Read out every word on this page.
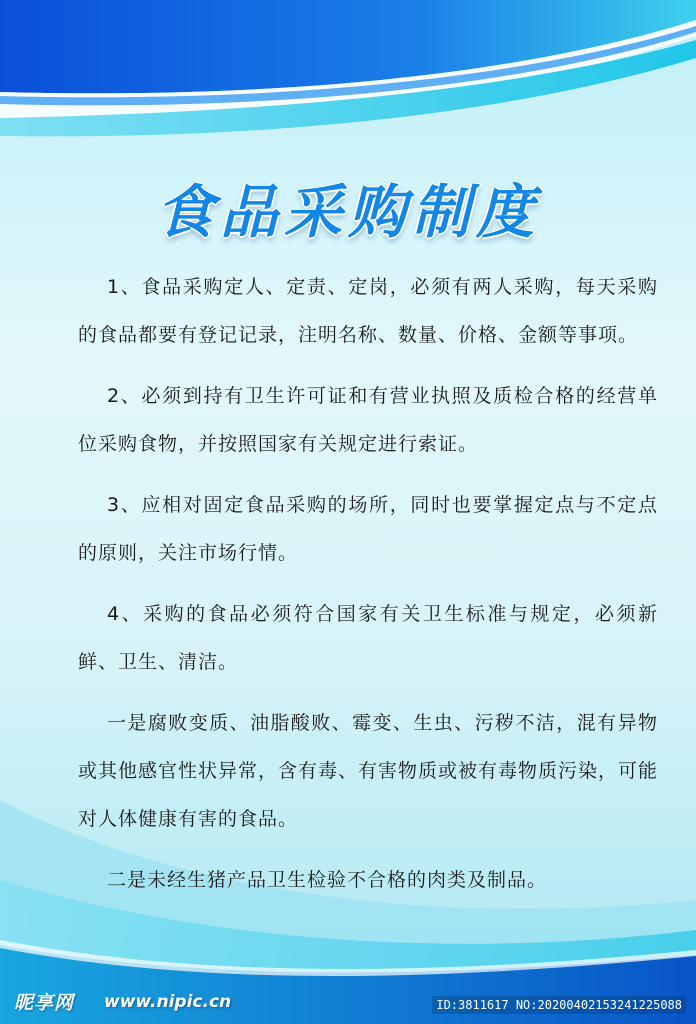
食品采购制度

1、食品采购定人、定责、定岗，必须有两人采购，每天采购的食品都要有登记记录，注明名称、数量、价格、金额等事项。

2、必须到持有卫生许可证和有营业执照及质检合格的经营单位采购食物，并按照国家有关规定进行索证。

3、应相对固定食品采购的场所，同时也要掌握定点与不定点的原则，关注市场行情。

4、采购的食品必须符合国家有关卫生标准与规定，必须新鲜、卫生、清洁。

一是腐败变质、油脂酸败、霉变、生虫、污秽不洁，混有异物或其他感官性状异常，含有毒、有害物质或被有毒物质污染，可能对人体健康有害的食品。

二是未经生猪产品卫生检验不合格的肉类及制品。

昵享网 www.nipic.cn	ID:3811617 NO:20200402153241225088
